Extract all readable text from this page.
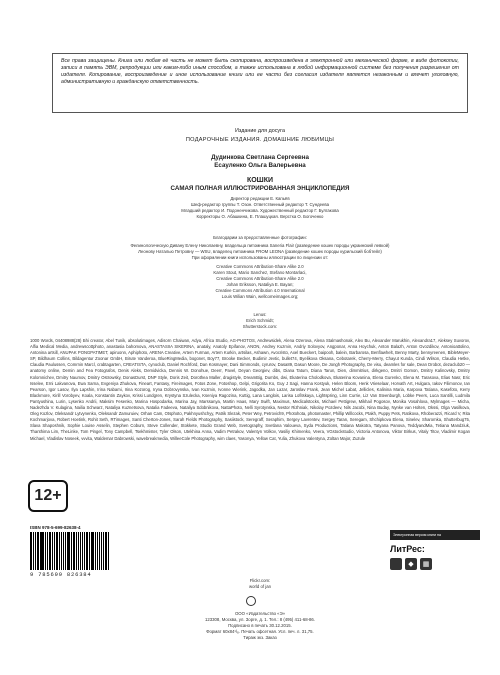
Все права защищены. Книга или любая её часть не может быть скопирована, воспроизведена в электронной или механической форме, в виде фотокопии, записи в память ЭВМ, репродукции или каким-либо иным способом, а также использована в любой информационной системе без получения разрешения от издателя. Копирование, воспроизведение и иное использование книги или ее части без согласия издателя является незаконным и влечет уголовную, административную и гражданскую ответственность.
Издание для досуга
ПОДАРОЧНЫЕ ИЗДАНИЯ. ДОМАШНИЕ ЛЮБИМЦЫ
Дудинкова Светлана Сергеевна
Есауленко Ольга Валерьевна
КОШКИ
САМАЯ ПОЛНАЯ ИЛЛЮСТРИРОВАННАЯ ЭНЦИКЛОПЕДИЯ
Директор редакции Е. Капьёв
Шеф-редактор группы Т. Озон. Ответственный редактор Т. Сундеева
Младший редактор И. Подоненчикова. Художественный редактор Г. Булгакова
Корректоры О. Абашкина, Е. Плашуцкая. Верстка О. Богоченко
Благодарим за предоставленные фотографии:
Фелинологическую Дивану Елену Николаевну, владельца питомника Saneria Flair (разведение кошек породы украинский левкой)
Леонову Наталью Петровну — WSU, владелец питомника FROM LEONA (разведение кошек породы курильский бобтейл)
При оформлении книги использованы иллюстрации по лицензии от:
Creative Commons Attribution-Share Alike 2.0
Karen Stout, Mario Sanchez, Stefano Montarlaci,
Creative Commons Attribution-Share Alike 2.0
Johan Eriksson, Nataliya E. Bayan;
Creative Commons Attribution 4.0 International
Louis Wilian Wain, wellcomeimages.org;
Lenus:
Erich Schmidt;
Shutterstock.com:
1000 Words, 04408988(28) Бhi creator, Abel Tunik, absolutimages, Adisorn Chaiwan, Adya, Africa Studio, AG-PHOTOS, Andrewsidek, Alena Ozerova, Alena Stalmashonak, Alex Bu, Alexander Marukhin, Alexandra17, Aleksey Suvorov, Alfia Medical Media, andrewscottphoto, anastasia bahomova, ANASTASIIA SIKERINA, anataly, Anatoly Epifanov, ANON, Andrey Kuzmin, Andriy Solovyov, Angponar, Anna Hoychuk, Anton Balazh, Anton Gvozdikov, Antonioattolino, Antonina artsill, ANUPAK PONGPATIMET, apiruonn, Aphiphoto, ARENA Creative, Artem Furman, Artem Kurkin, artsilas, Ashawn, Avocristo, Axel Bueckert, baipooh, balein, Barbarosa, Benflawhelt, Benny Marty, bennyreenen, BibleMeyer-SP, Bildhaum Collins, Bildagentur Zoonar GmbH, Birute Vanderoa, BlueRingMedia, bogonet, Boy77, Brooke Becker, Budimir Jevtic, bullet74, Byelikova Oksana, Cebotarek, Cherry-Merry, Chayut Kunda, Cindi Wilson, Claudia Hetke, Claudia Paulussen, Comrnin Marcl, crabtagarten, CREATISTA, cynoclub, Daniel Rochford, Dan Kosmayer, Dani Simmonds, cyrurov, Dasa89, Dasun Moore, De Jongh Photography, De visu, deamles for sale, Dean Drobot, dezaclub20 — anatomy online, Demin and Fea Fotografos, Denis Aleks, Demidvicka, Dennis W. Donohue, Deerr, Pavel, Deyan Georgiev, dibs, Diana Tatum, Diana Tarun, Dien, dimmitrius, dirkgeno, Dmitri Gomon, Dmitry Kalinovsky, Dmitry Kolomnichev, Dmitry Naumov, Dmitry Ostrowsky, DonasDurst, DNP Style, Doris Zeit, Dorothea Maller, dragistyle, DreamBig, Dumbs, dwi, Ekaterina Cholodkova, Ekaterina Kovanina, Elena Gurenko, Elena M. Tarasova, Elias Nasr, Eric Isselee, Erni Lakvanova, Ewa Sarna, Evgeniya Zhukova, Fineart, Fantasy, Fireimages, Fotos Zone, Fotoshop, Gelpi, Grigorita Ko, Guy J Sagi, Hanna Kostyuk, Helen Bloom, Henk Vrieselaar, Horvath Art, Hulgara, Iakov Filimonov, Ian Pearson, Igor Lasov, Ilya Lapshin, Irina Nabami, Irina Kozorog, Iryna Dobrovynska, Ivan Kuzmin, Ivonne Wierink, Jagodka, Jan Lazar, Jaroslav Frank, Jean Michel Labat, Jellicles, Kalinina Maria, Karpova Tatiana, Kasefoto, Kerry Blackmore, Kirill Vorobyev, Koala, Konstantin Zaykov, Krissi Lundgren, Krystyna Szulecka, Kseniya Ragozina, Kuttig, Lana Langlois, Larisa Lofitskaya, Lightspring, Linn Currie, Liz Van Steenburgh, Lobke Peers, Luca Santilli, Ludmila Pantyushina, Lurin, Lysenko Andrii, Maksim Fesenko, Marina Hospodarka, Marina Jay, Marssanya, Martin Haas, Mary Swift, Maximus, Medicalstocks, Michael Pettigrew, Mikhail Pogosov, Monika Vosahlova, Mylmages — Micha, Nadezhda V. Kulagina, Nailia Schwarz, Nataliya Kuznetsova, Natalia Fadeeva, Nataliya Sdobnikova, NattaPhoto, Nelli Syrotynska, Nestor Rizhniak, Nikolay Pozdeev, Nils Jacobi, Nina Buday, Nynke van Holten, Okssi, Olga Vasilkova, Oleg Kozlov, Oleksandr Lytvynenko, Oleksandr Zamuruiev, Orhan Cam, Otsphoto, Pakhnyushchyy, Patrik Slezak, Peter Wey, Petrovich9, Photohota, photomaster, Phillip Willcocks, Ptakh, Puppy Pets, Ratikova, Rhoberazzi, Ricard V, Rita Kochmarjova, Robert Hoetink, Rohit Seth, RTimages, Santi Cherton-Jones, Sarah Fields Photography, Sasiistock, Seregraff, Seraphim, Sergey Lavrentev, Sergey Taran, Seregam, Shchipkova Elena, Sinelev, Sharomka, Shutterbug75, Slava Shaposhnik, Sophie Louise Asselin, Stephen Coburn, Steve Collender, Stokkete, Studio Grand Web, Svetography, Svetlana Valoueva, Syda Productions, Tatiana Makotra, Tatyana Panova, TeddyandMia, Tetiana Mandziuk, Thanthima Lim, TheLinke, Tom Pingel, Tony Campbell, Tsekhmister, Tyler Olson, Utekhina Anna, Vadim Petrakov, Valentyn Volkov, Vasiliy Khimenko, Veera, VGstockstudio, Victoria Antonova, Viktor Birkus, Vitaly Titov, Vladimir Kogan Michael, Vladislav Noseek, vvvita, Waldemar Dabrowski, wavebreakmedia, WilleeCole Photography, wim claes, Yasonya, Yellow Cat, Yulia, Zhukova Valentyna, Zoltan Major, Zuzule
Flickr.com:
world of jan
ООО «Издательство «Э»
123308, Москва, ул. Зорге, д. 1. Тел.: 8 (495) 411-68-86.
Подписано в печать 30.12.2015.
Формат 60x84¹/₈. Печать офсетная. Усл. печ. л. 31,75.
Тираж экз. Заказ
12+
ISBN 978-5-699-82638-4
9 785699 826384
Электронная версия книги на
ЛитРес:
◆	▦
